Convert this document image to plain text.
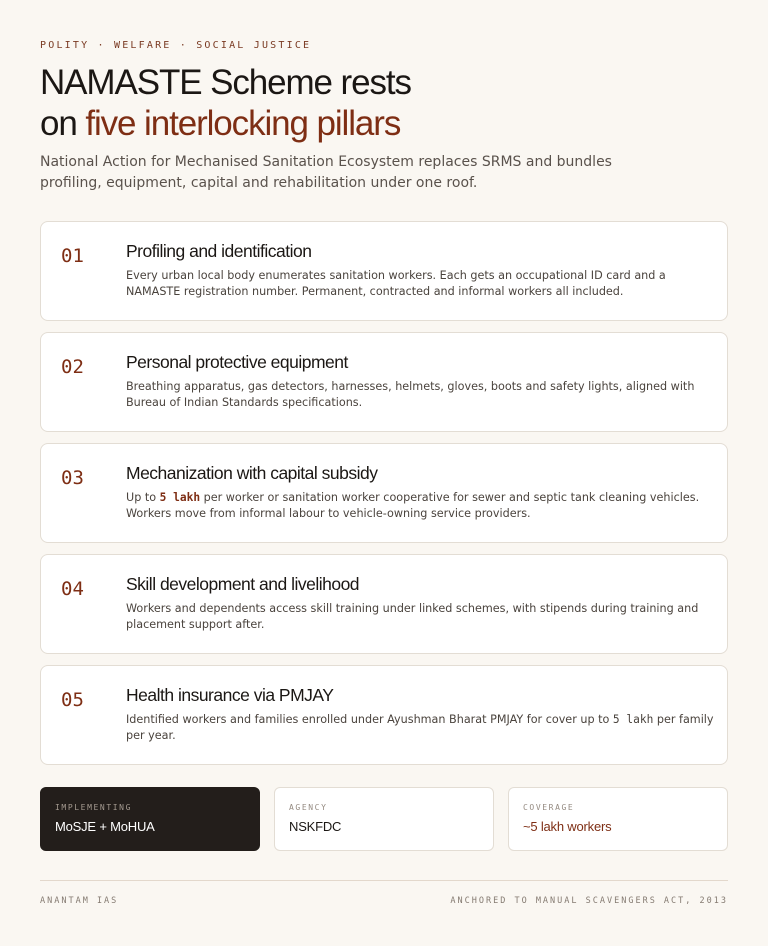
POLITY · WELFARE · SOCIAL JUSTICE
NAMASTE Scheme rests
on five interlocking pillars

National Action for Mechanised Sanitation Ecosystem replaces SRMS and bundles profiling, equipment, capital and rehabilitation under one roof.

01 Profiling and identification

Every urban local body enumerates sanitation workers. Each gets an occupational ID card and a NAMASTE registration number. Permanent, contracted and informal workers all included.

02 Personal protective equipment

Breathing apparatus, gas detectors, harnesses, helmets, gloves, boots and safety lights, aligned with Bureau of Indian Standards specifications.

03 Mechanization with capital subsidy

Up to 5 lakh per worker or sanitation worker cooperative for sewer and septic tank cleaning vehicles. Workers move from informal labour to vehicle-owning service providers.

04 Skill development and livelihood

Workers and dependents access skill training under linked schemes, with stipends during training and placement support after.

05 Health insurance via PMJAY

Identified workers and families enrolled under Ayushman Bharat PMJAY for cover up to 5 lakh per family per year.

IMPLEMENTING
MoSJE + MoHUA
AGENCY
NSKFDC
COVERAGE
~5 lakh workers
ANANTAM IAS	ANCHORED TO MANUAL SCAVENGERS ACT, 2013
